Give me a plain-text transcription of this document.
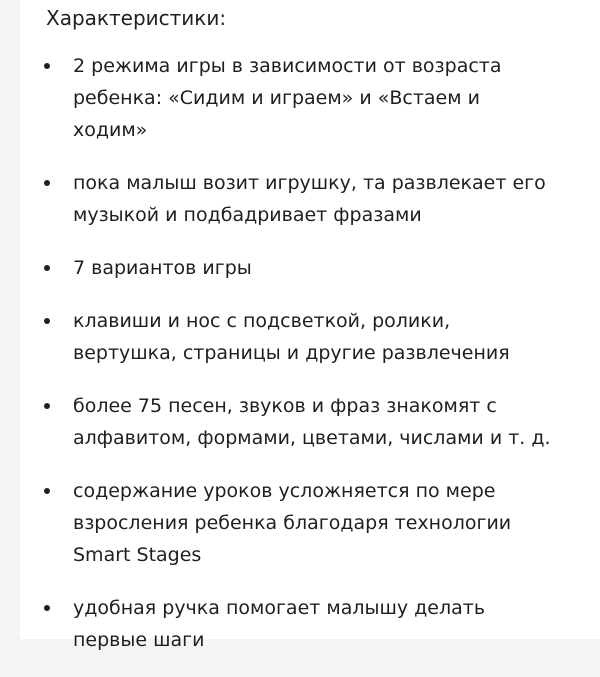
Характеристики:
2 режима игры в зависимости от возраста
ребенка: «Сидим и играем» и «Встаем и
ходим»
пока малыш возит игрушку, та развлекает его
музыкой и подбадривает фразами
7 вариантов игры
клавиши и нос с подсветкой, ролики,
вертушка, страницы и другие развлечения
более 75 песен, звуков и фраз знакомят с
алфавитом, формами, цветами, числами и т. д.
содержание уроков усложняется по мере
взросления ребенка благодаря технологии
Smart Stages
удобная ручка помогает малышу делать
первые шаги
